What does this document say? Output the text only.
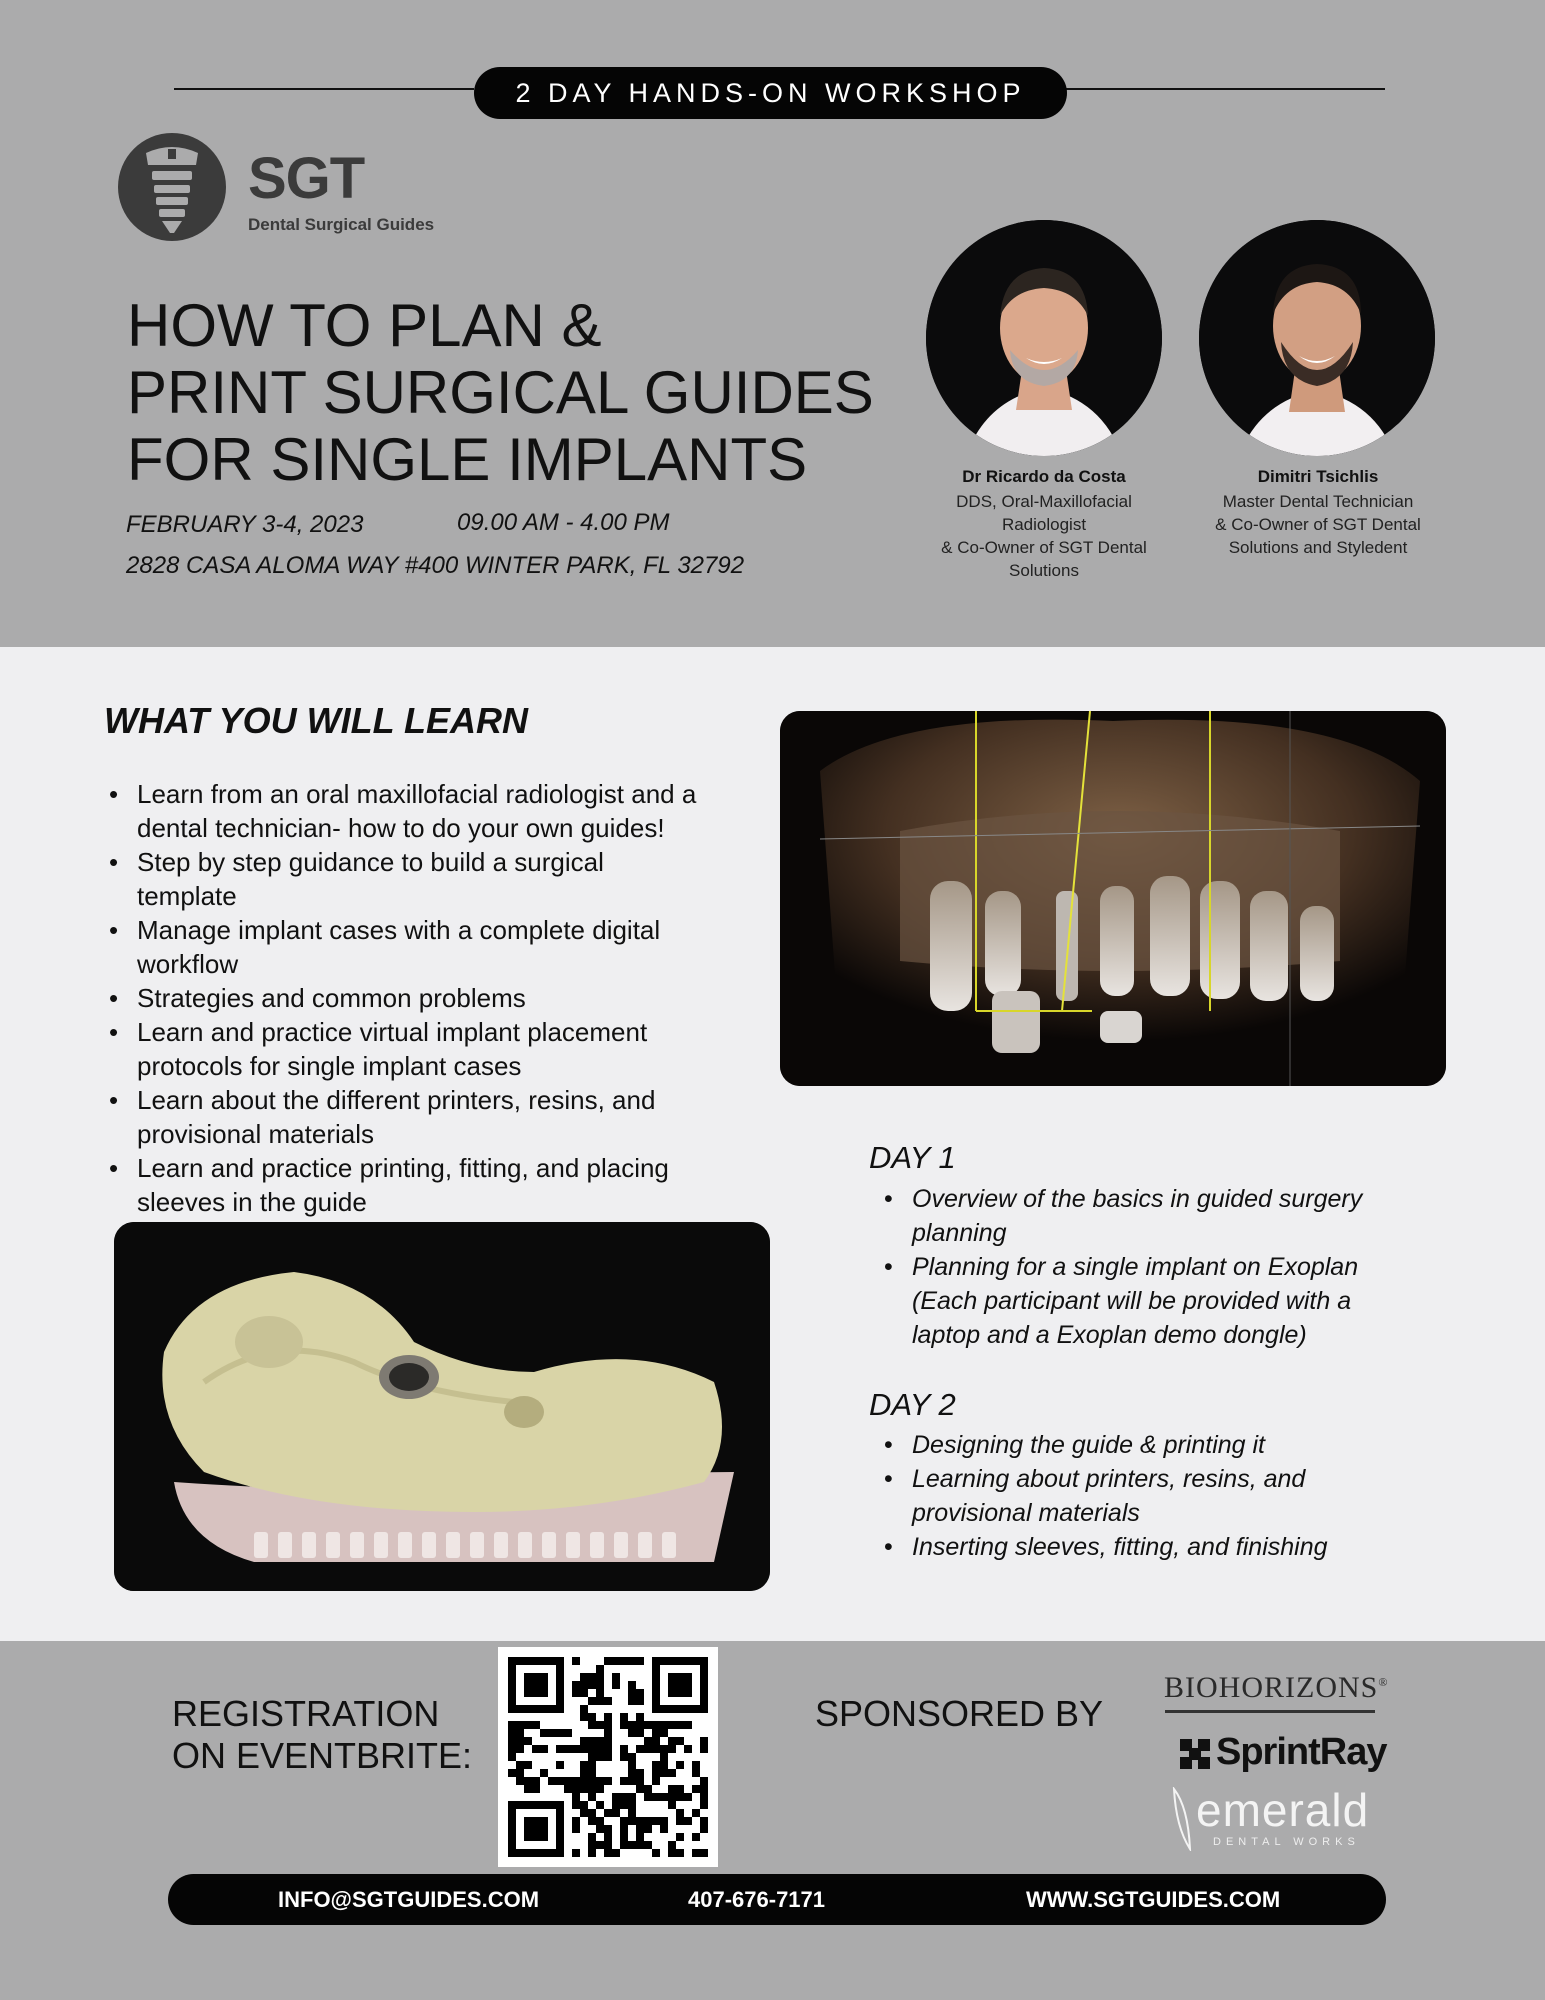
2 DAY HANDS-ON WORKSHOP
SGT
Dental Surgical Guides
HOW TO PLAN &
PRINT SURGICAL GUIDES
FOR SINGLE IMPLANTS
FEBRUARY 3-4, 2023	09.00 AM - 4.00 PM
2828 CASA ALOMA WAY #400 WINTER PARK, FL 32792
Dr Ricardo da Costa
DDS, Oral-Maxillofacial
Radiologist
& Co-Owner of SGT Dental
Solutions
Dimitri Tsichlis
Master Dental Technician
& Co-Owner of SGT Dental
Solutions and Styledent
WHAT YOU WILL LEARN
• Learn from an oral maxillofacial radiologist and a
dental technician- how to do your own guides!
• Step by step guidance to build a surgical
template
• Manage implant cases with a complete digital
workflow
• Strategies and common problems
• Learn and practice virtual implant placement
protocols for single implant cases
• Learn about the different printers, resins, and
provisional materials
• Learn and practice printing, fitting, and placing
sleeves in the guide
DAY 1
• Overview of the basics in guided surgery
planning
• Planning for a single implant on Exoplan
(Each participant will be provided with a
laptop and a Exoplan demo dongle)
DAY 2
• Designing the guide & printing it
• Learning about printers, resins, and
provisional materials
• Inserting sleeves, fitting, and finishing
REGISTRATION
ON EVENTBRITE:
SPONSORED BY
BIOHORIZONS®
SprintRay
emerald
DENTAL WORKS
INFO@SGTGUIDES.COM	407-676-7171	WWW.SGTGUIDES.COM
